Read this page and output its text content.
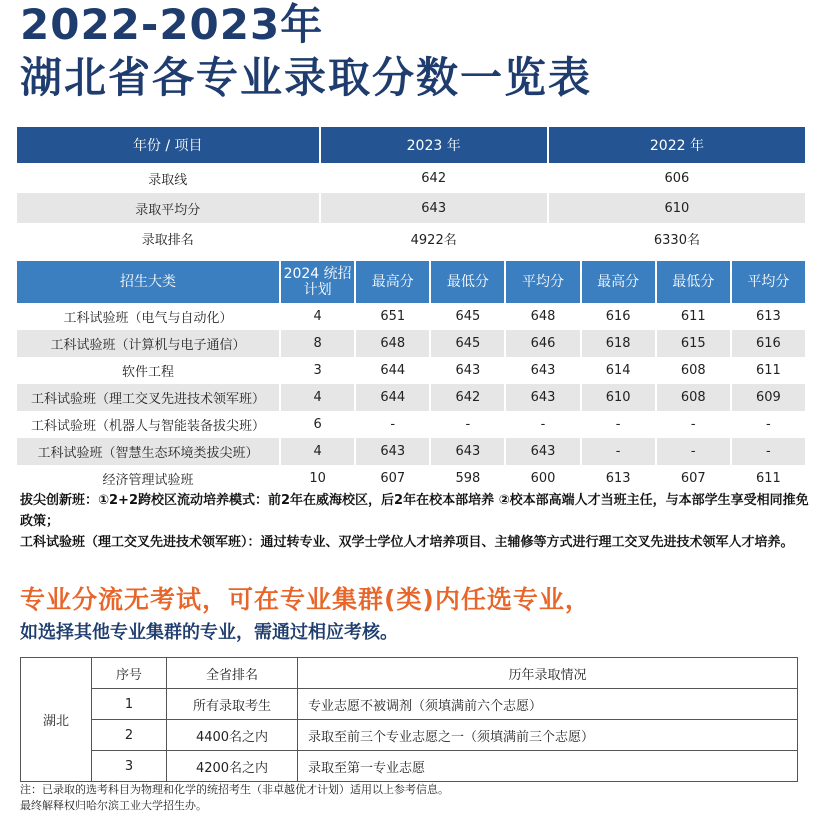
2022-2023年
湖北省各专业录取分数一览表
年份 / 项目	2023 年	2022 年
录取线	642	606
录取平均分	643	610
录取排名	4922名	6330名
招生大类	2024 统招计划	最高分	最低分	平均分	最高分	最低分	平均分
工科试验班（电气与自动化）	4	651	645	648	616	611	613
工科试验班（计算机与电子通信）	8	648	645	646	618	615	616
软件工程	3	644	643	643	614	608	611
工科试验班（理工交叉先进技术领军班）	4	644	642	643	610	608	609
工科试验班（机器人与智能装备拔尖班）	6	-	-	-	-	-	-
工科试验班（智慧生态环境类拔尖班）	4	643	643	643	-	-	-
经济管理试验班	10	607	598	600	613	607	611
拔尖创新班：①2+2跨校区流动培养模式：前2年在威海校区，后2年在校本部培养 ②校本部高端人才当班主任，与本部学生享受相同推免政策；
工科试验班（理工交叉先进技术领军班）：通过转专业、双学士学位人才培养项目、主辅修等方式进行理工交叉先进技术领军人才培养。
专业分流无考试，可在专业集群(类)内任选专业，
如选择其他专业集群的专业，需通过相应考核。
湖北	序号	全省排名	历年录取情况
	1	所有录取考生	专业志愿不被调剂（须填满前六个志愿）
	2	4400名之内	录取至前三个专业志愿之一（须填满前三个志愿）
	3	4200名之内	录取至第一专业志愿
注：已录取的选考科目为物理和化学的统招考生（非卓越优才计划）适用以上参考信息。
最终解释权归哈尔滨工业大学招生办。
